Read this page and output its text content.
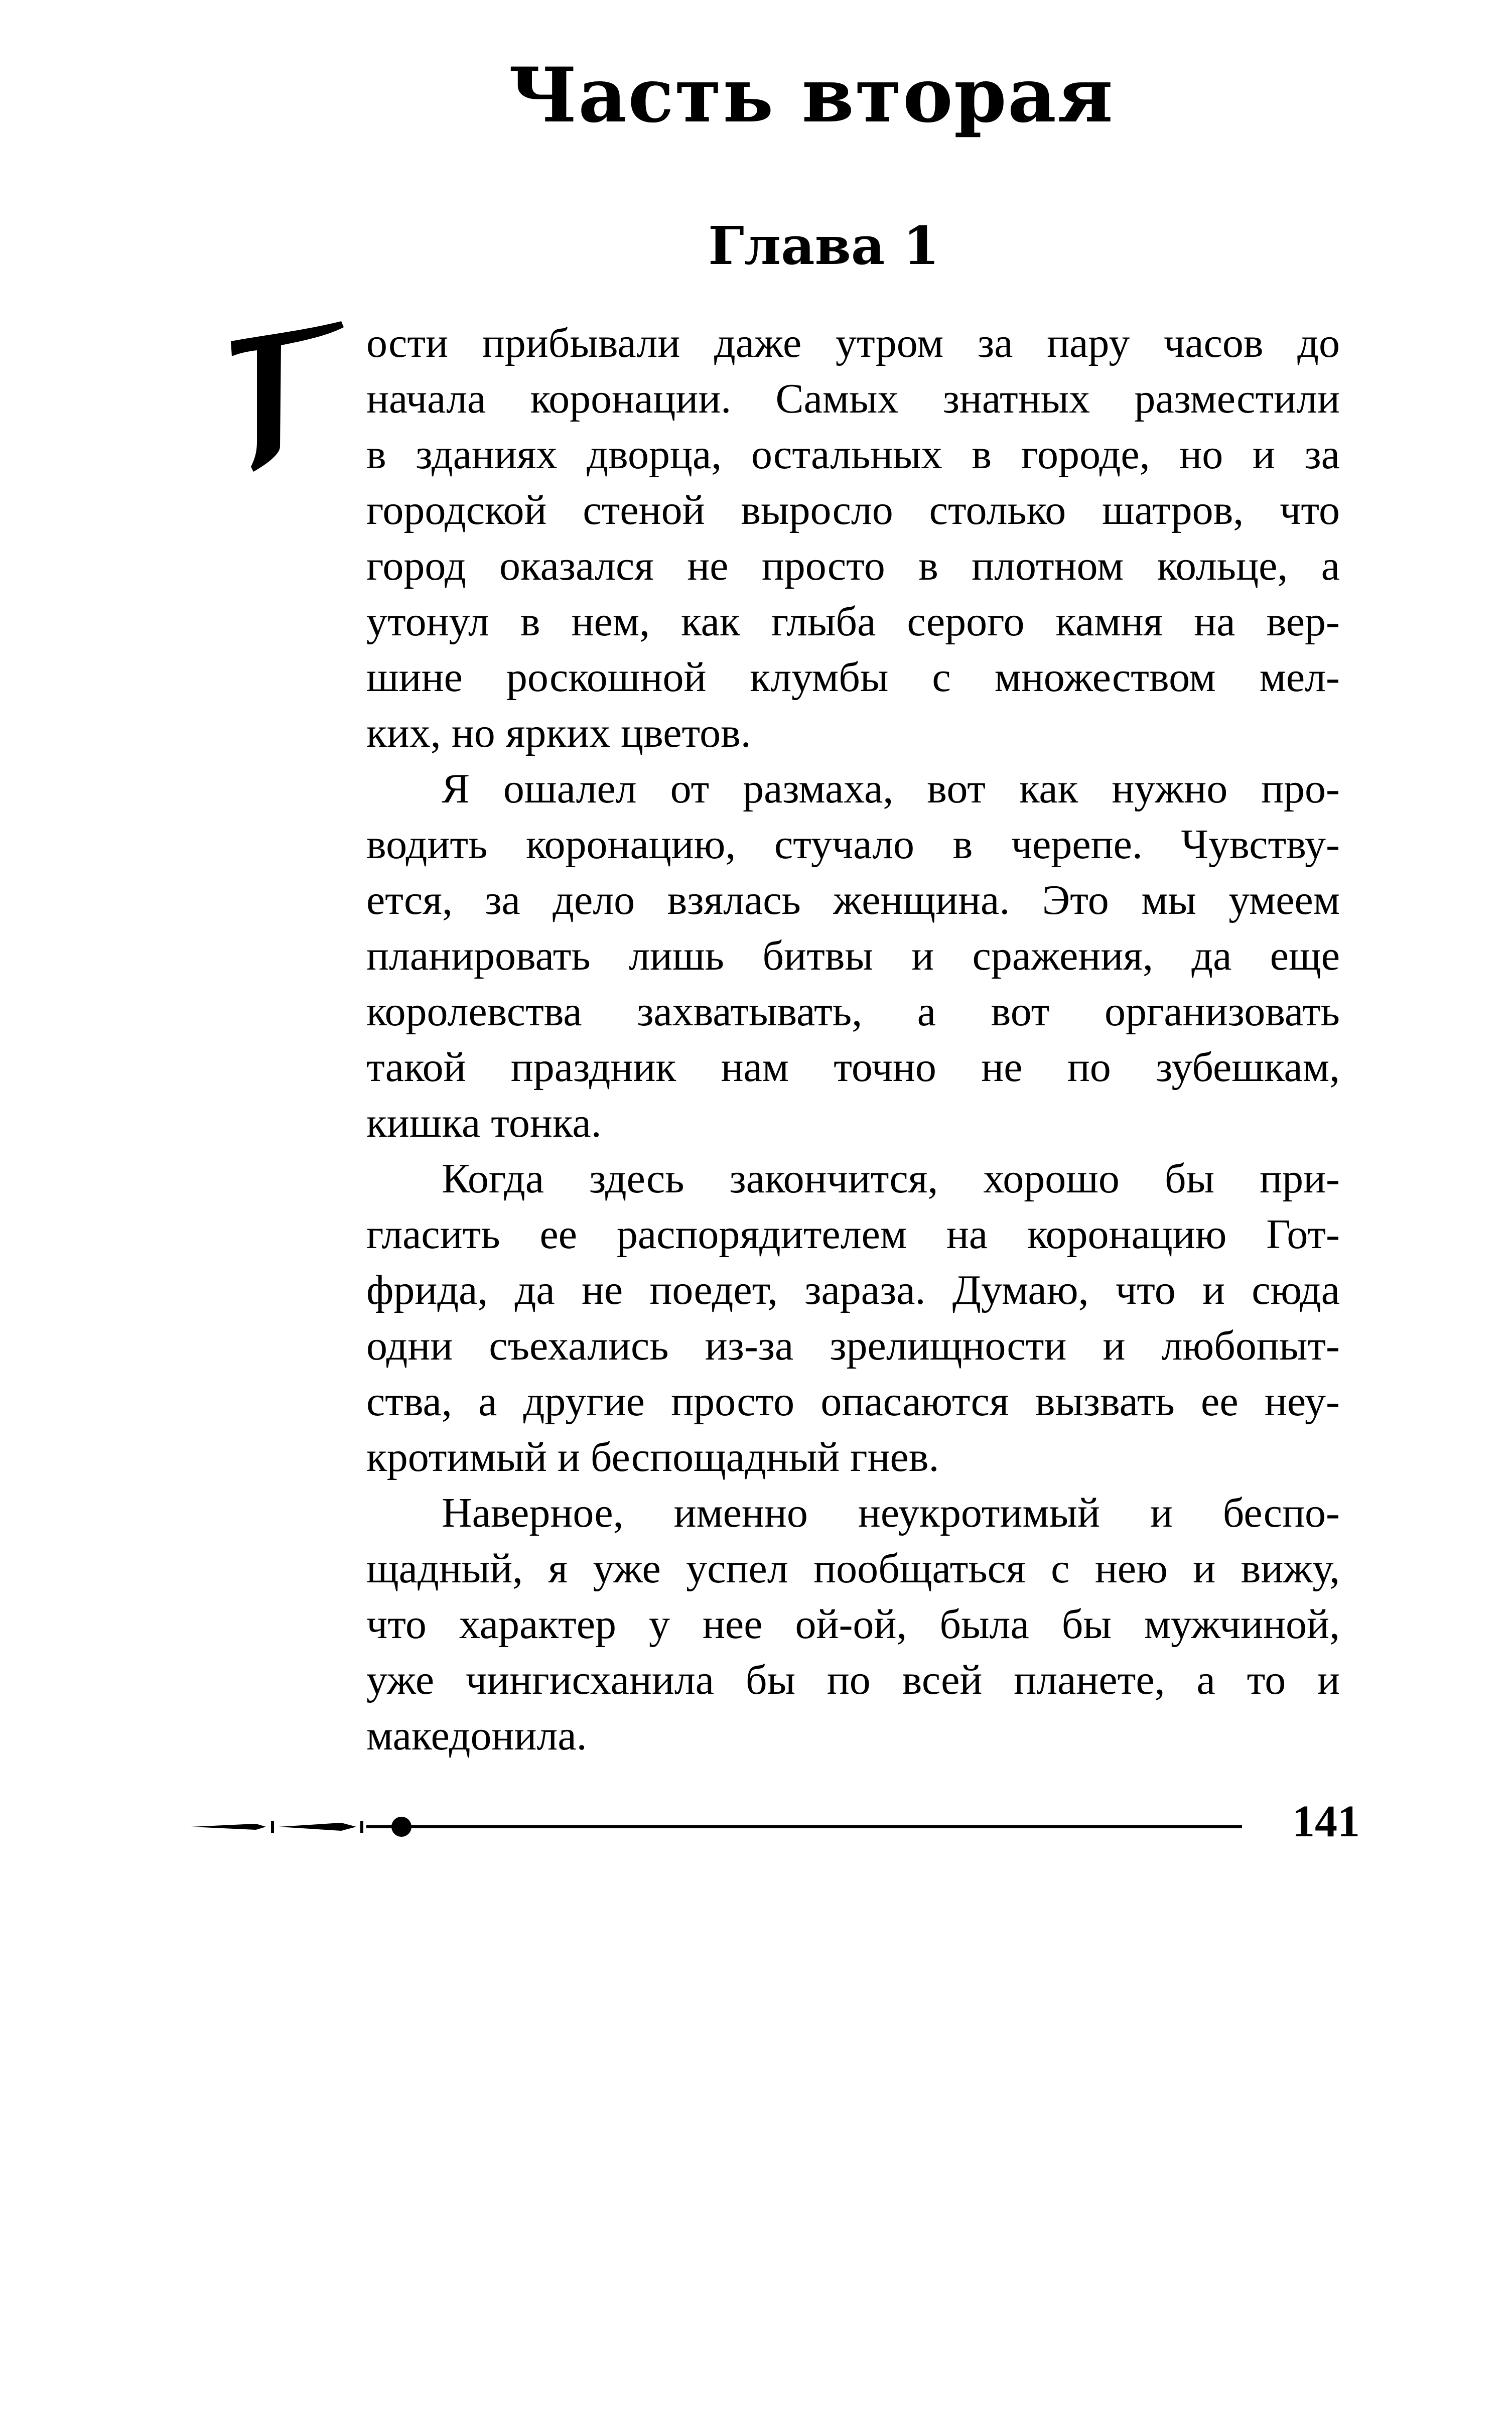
Часть вторая
Глава 1
Г	ости прибывали даже утром за пару часов до
начала коронации. Самых знатных разместили
в зданиях дворца, остальных в городе, но и за
городской стеной выросло столько шатров, что
город оказался не просто в плотном кольце, а
утонул в нем, как глыба серого камня на вер-
шине роскошной клумбы с множеством мел-
ких, но ярких цветов.
Я ошалел от размаха, вот как нужно про-
водить коронацию, стучало в черепе. Чувству-
ется, за дело взялась женщина. Это мы умеем
планировать лишь битвы и сражения, да еще
королевства захватывать, а вот организовать
такой праздник нам точно не по зубешкам,
кишка тонка.
Когда здесь закончится, хорошо бы при-
гласить ее распорядителем на коронацию Гот-
фрида, да не поедет, зараза. Думаю, что и сюда
одни съехались из-за зрелищности и любопыт-
ства, а другие просто опасаются вызвать ее неу-
кротимый и беспощадный гнев.
Наверное, именно неукротимый и беспо-
щадный, я уже успел пообщаться с нею и вижу,
что характер у нее ой-ой, была бы мужчиной,
уже чингисханила бы по всей планете, а то и
македонила.
141
